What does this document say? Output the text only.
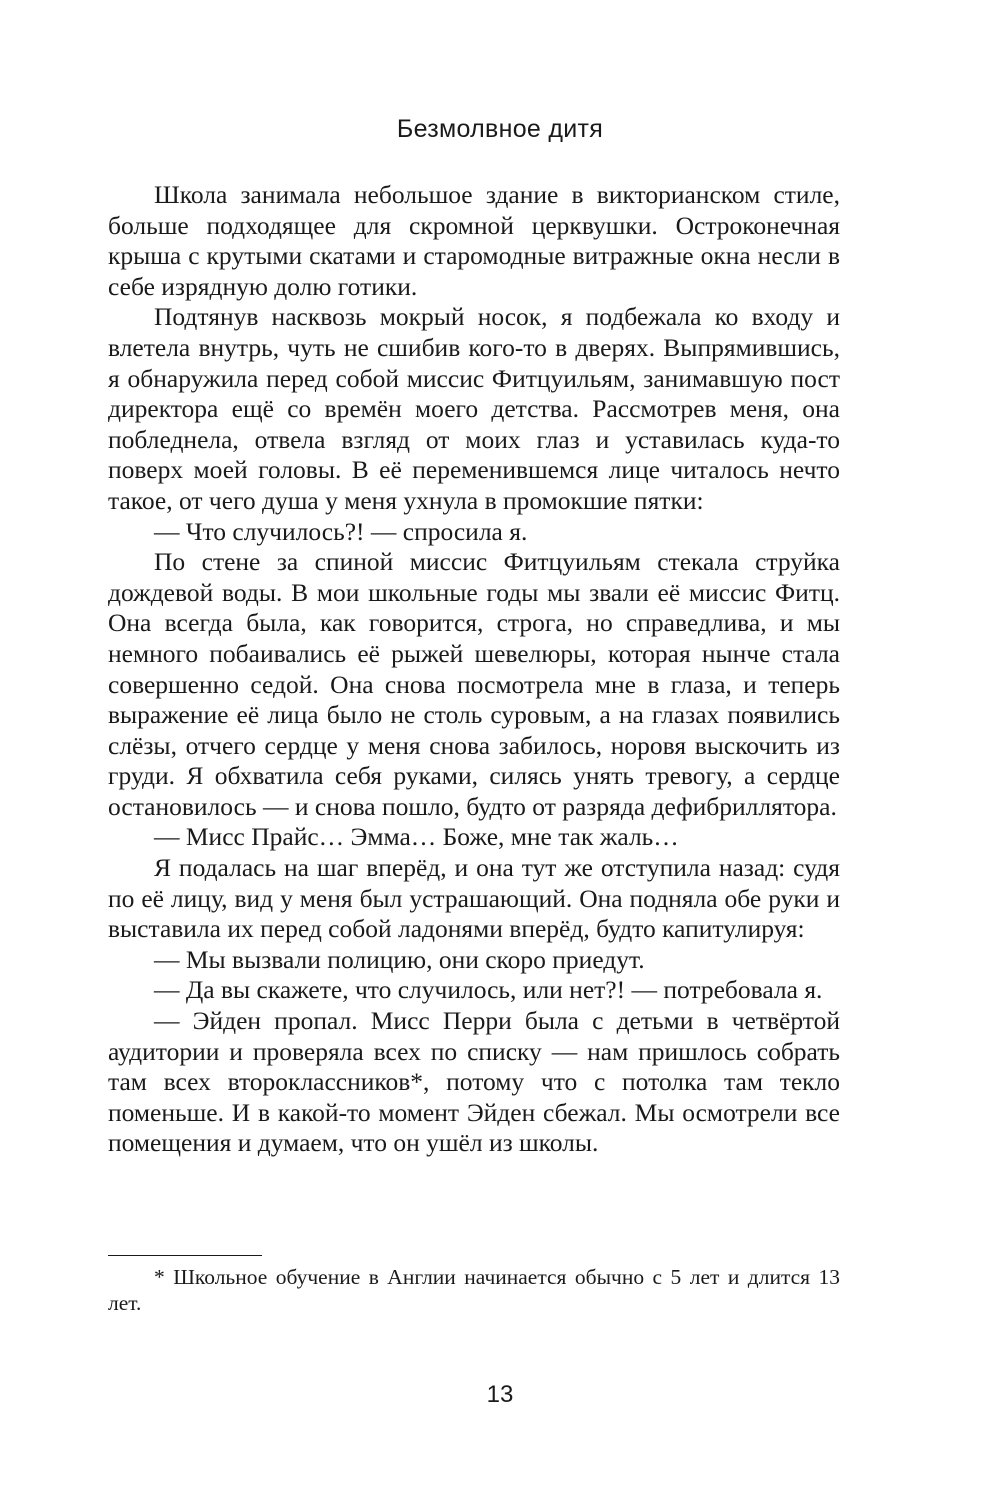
Безмолвное дитя

Школа занимала небольшое здание в викторианском стиле, больше подходящее для скромной церквушки. Остроконечная крыша с крутыми скатами и старомодные витражные окна несли в себе изрядную долю готики.

Подтянув насквозь мокрый носок, я подбежала ко входу и влетела внутрь, чуть не сшибив кого-то в дверях. Выпрямившись, я обнаружила перед собой миссис Фитцуильям, занимавшую пост директора ещё со времён моего детства. Рассмотрев меня, она побледнела, отвела взгляд от моих глаз и уставилась куда-то поверх моей головы. В её переменившемся лице читалось нечто такое, от чего душа у меня ухнула в промокшие пятки:

— Что случилось?! — спросила я.

По стене за спиной миссис Фитцуильям стекала струйка дождевой воды. В мои школьные годы мы звали её миссис Фитц. Она всегда была, как говорится, строга, но справедлива, и мы немного побаивались её рыжей шевелюры, которая нынче стала совершенно седой. Она снова посмотрела мне в глаза, и теперь выражение её лица было не столь суровым, а на глазах появились слёзы, отчего сердце у меня снова забилось, норовя выскочить из груди. Я обхватила себя руками, силясь унять тревогу, а сердце остановилось — и снова пошло, будто от разряда дефибриллятора.

— Мисс Прайс… Эмма… Боже, мне так жаль…

Я подалась на шаг вперёд, и она тут же отступила назад: судя по её лицу, вид у меня был устрашающий. Она подняла обе руки и выставила их перед собой ладонями вперёд, будто капитулируя:

— Мы вызвали полицию, они скоро приедут.

— Да вы скажете, что случилось, или нет?! — потребовала я.

— Эйден пропал. Мисс Перри была с детьми в четвёртой аудитории и проверяла всех по списку — нам пришлось собрать там всех второклассников*, потому что с потолка там текло поменьше. И в какой-то момент Эйден сбежал. Мы осмотрели все помещения и думаем, что он ушёл из школы.

* Школьное обучение в Англии начинается обычно с 5 лет и длится 13 лет.

13
